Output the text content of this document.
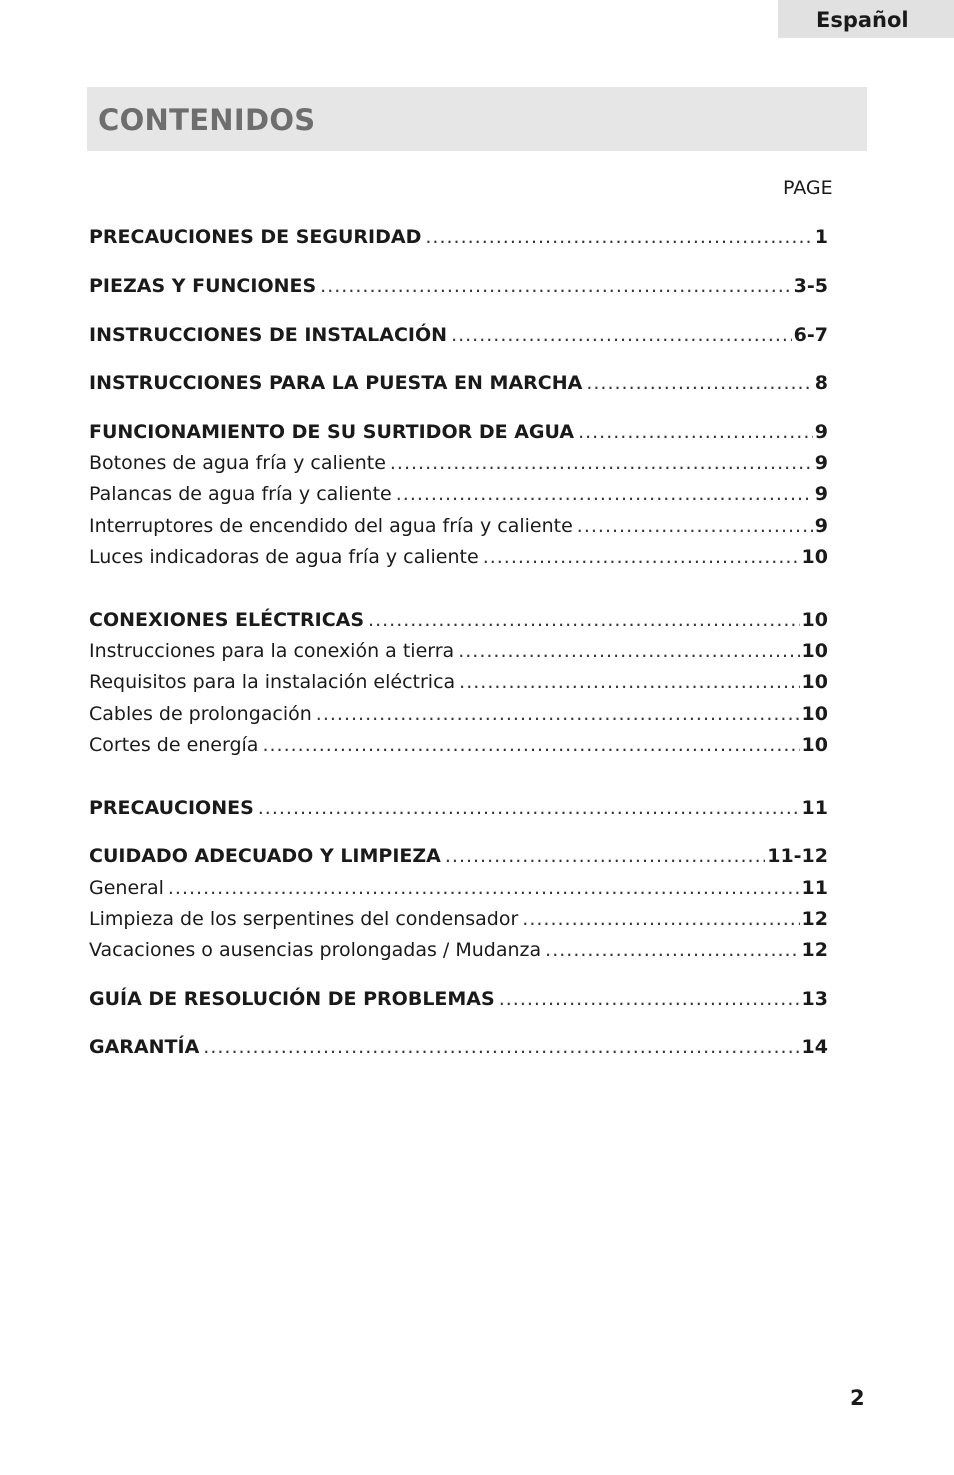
Español
CONTENIDOS
PAGE
PRECAUCIONES DE SEGURIDAD .....	1
PIEZAS Y FUNCIONES .....	3-5
INSTRUCCIONES DE INSTALACIÓN .....	6-7
INSTRUCCIONES PARA LA PUESTA EN MARCHA .....	8
FUNCIONAMIENTO DE SU SURTIDOR DE AGUA .....	9
Botones de agua fría y caliente .....	9
Palancas de agua fría y caliente .....	9
Interruptores de encendido del agua fría y caliente .....	9
Luces indicadoras de agua fría y caliente .....	10
CONEXIONES ELÉCTRICAS .....	10
Instrucciones para la conexión a tierra .....	10
Requisitos para la instalación eléctrica .....	10
Cables de prolongación .....	10
Cortes de energía .....	10
PRECAUCIONES .....	11
CUIDADO ADECUADO Y LIMPIEZA .....	11-12
General .....	11
Limpieza de los serpentines del condensador .....	12
Vacaciones o ausencias prolongadas / Mudanza .....	12
GUÍA DE RESOLUCIÓN DE PROBLEMAS .....	13
GARANTÍA .....	14
2
